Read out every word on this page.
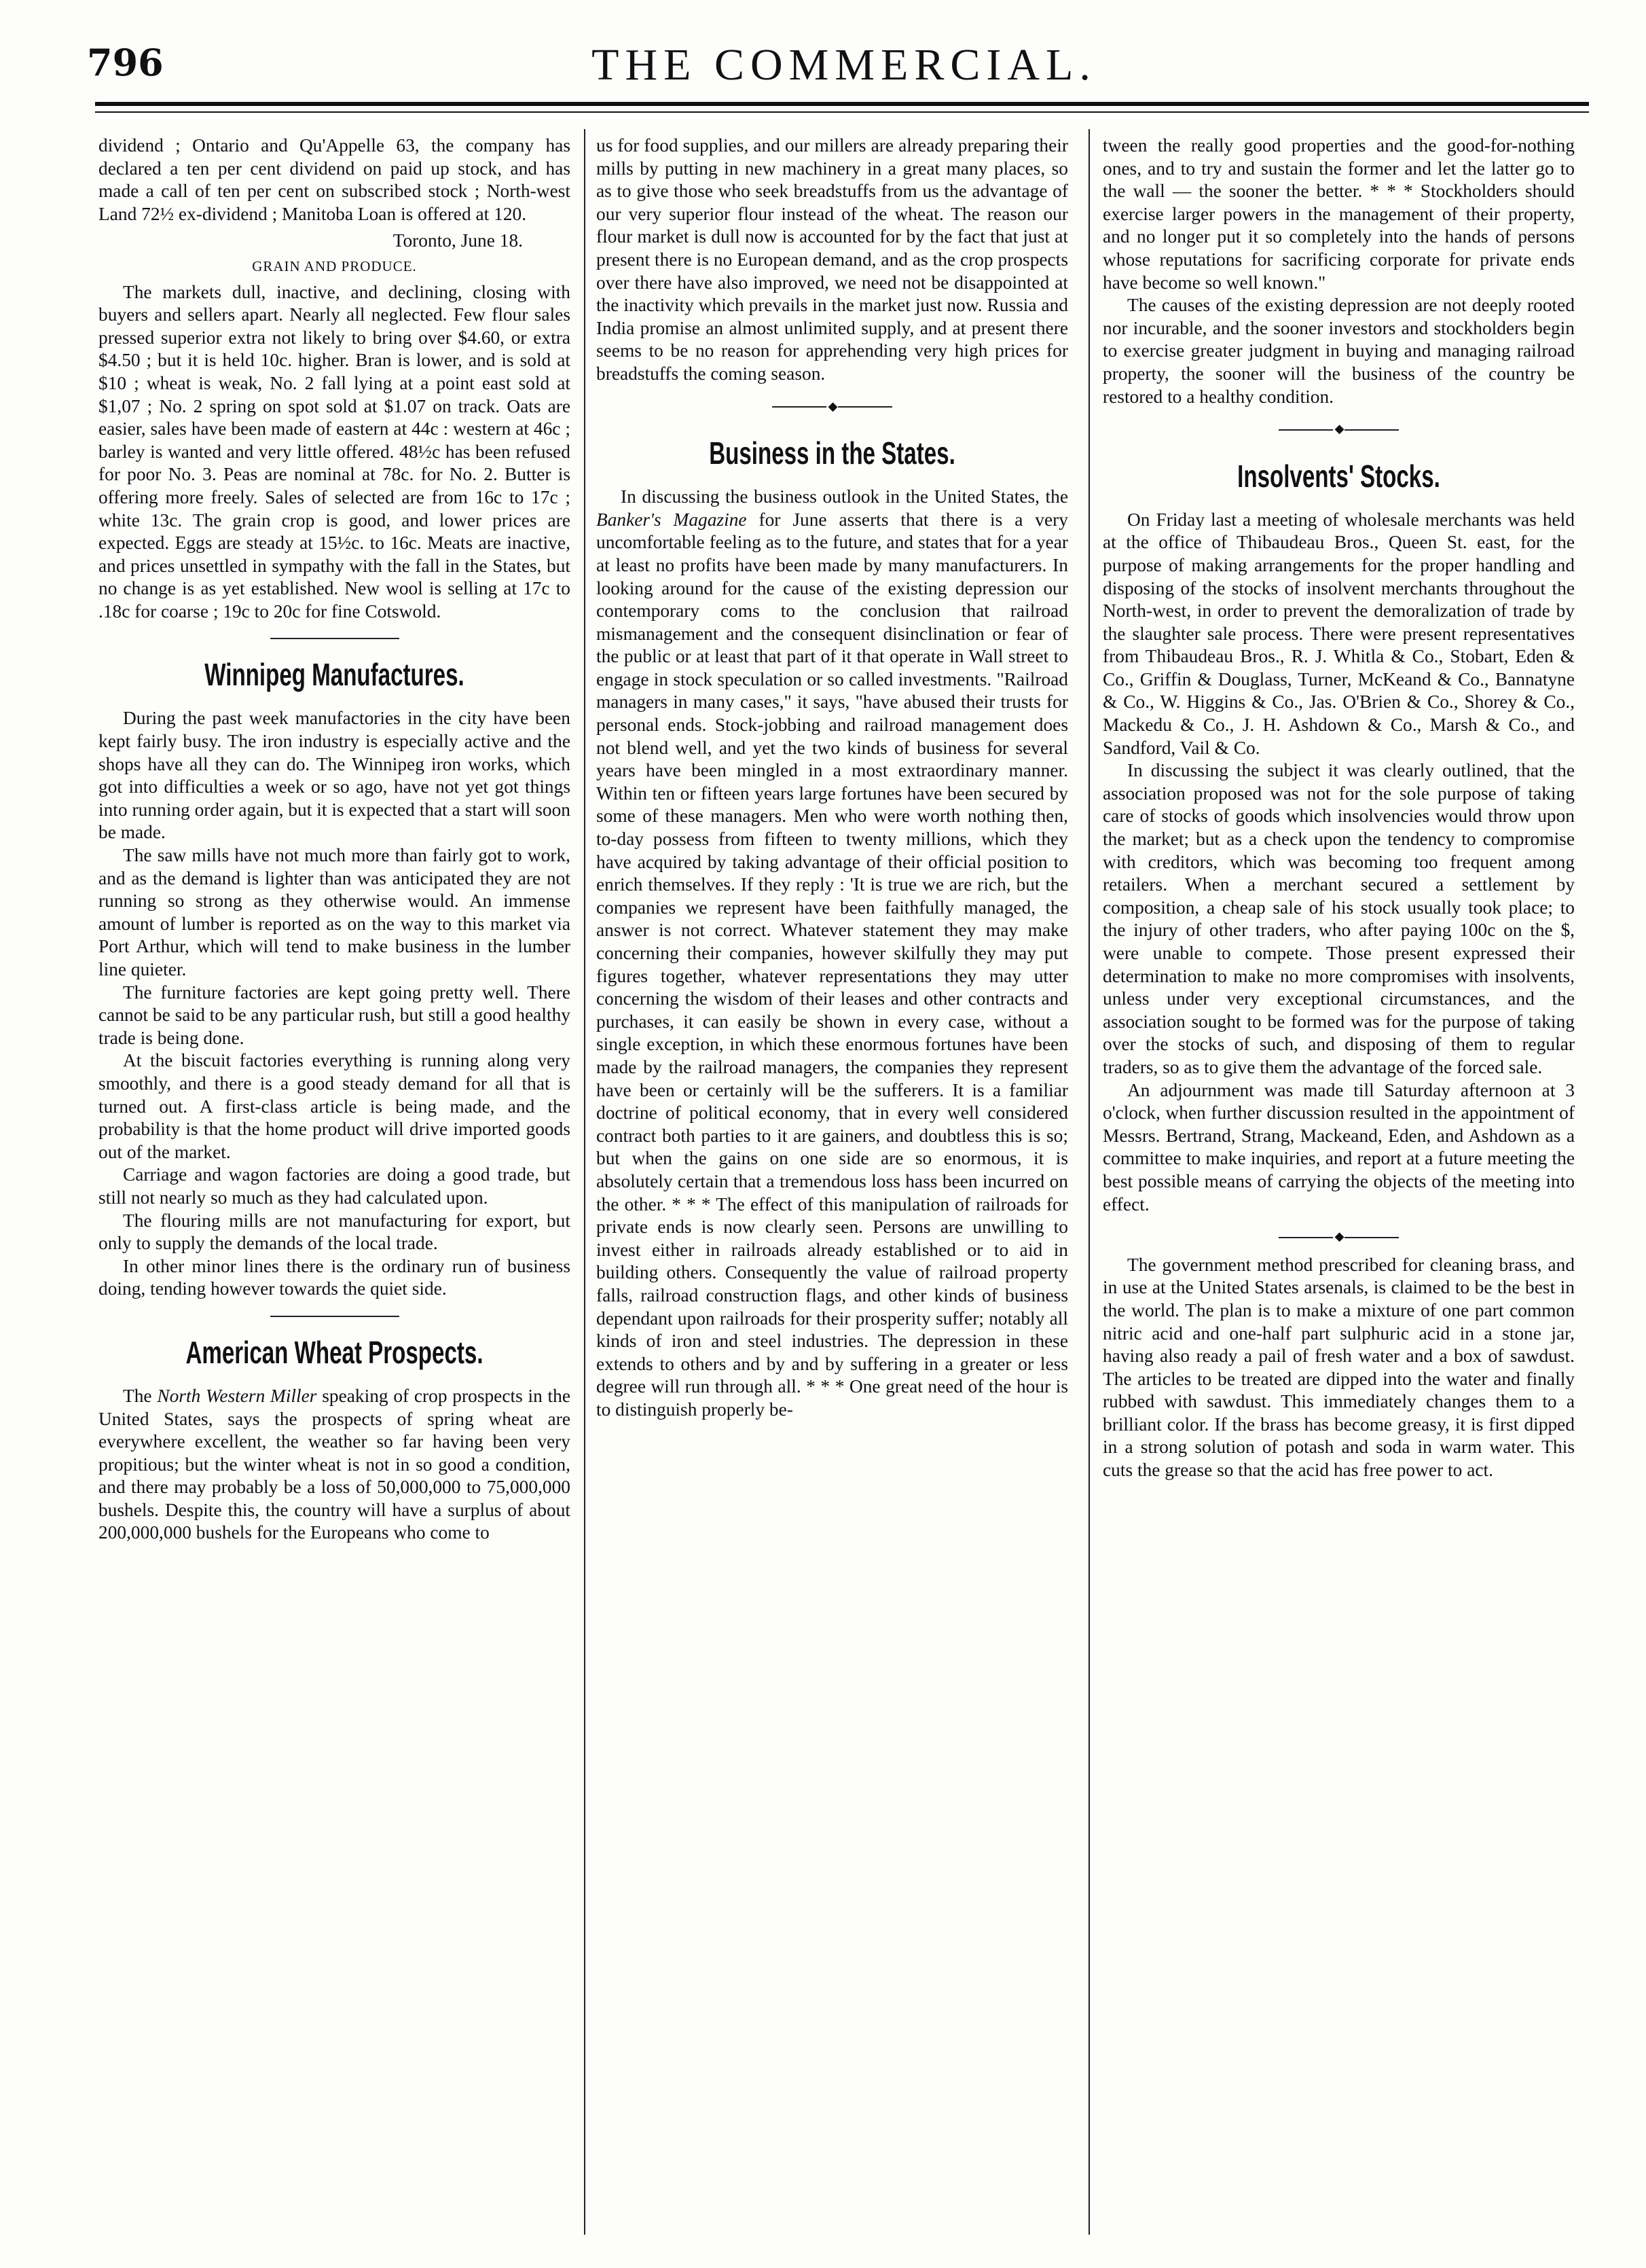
796	THE COMMERCIAL.

dividend ; Ontario and Qu'Appelle 63, the company has declared a ten per cent dividend on paid up stock, and has made a call of ten per cent on subscribed stock ; North-west Land 72½ ex-dividend ; Manitoba Loan is offered at 120.

Toronto, June 18.

GRAIN AND PRODUCE.

The markets dull, inactive, and declining, closing with buyers and sellers apart. Nearly all neglected. Few flour sales pressed superior extra not likely to bring over $4.60, or extra $4.50 ; but it is held 10c. higher. Bran is lower, and is sold at $10 ; wheat is weak, No. 2 fall lying at a point east sold at $1,07 ; No. 2 spring on spot sold at $1.07 on track. Oats are easier, sales have been made of eastern at 44c : western at 46c ; barley is wanted and very little offered. 48½c has been refused for poor No. 3. Peas are nominal at 78c. for No. 2. Butter is offering more freely. Sales of selected are from 16c to 17c ; white 13c. The grain crop is good, and lower prices are expected. Eggs are steady at 15½c. to 16c. Meats are inactive, and prices unsettled in sympathy with the fall in the States, but no change is as yet established. New wool is selling at 17c to .18c for coarse ; 19c to 20c for fine Cotswold.

Winnipeg Manufactures.

During the past week manufactories in the city have been kept fairly busy. The iron industry is especially active and the shops have all they can do. The Winnipeg iron works, which got into difficulties a week or so ago, have not yet got things into running order again, but it is expected that a start will soon be made.

The saw mills have not much more than fairly got to work, and as the demand is lighter than was anticipated they are not running so strong as they otherwise would. An immense amount of lumber is reported as on the way to this market via Port Arthur, which will tend to make business in the lumber line quieter.

The furniture factories are kept going pretty well. There cannot be said to be any particular rush, but still a good healthy trade is being done.

At the biscuit factories everything is running along very smoothly, and there is a good steady demand for all that is turned out. A first-class article is being made, and the probability is that the home product will drive imported goods out of the market.

Carriage and wagon factories are doing a good trade, but still not nearly so much as they had calculated upon.

The flouring mills are not manufacturing for export, but only to supply the demands of the local trade.

In other minor lines there is the ordinary run of business doing, tending however towards the quiet side.

American Wheat Prospects.

The North Western Miller speaking of crop prospects in the United States, says the prospects of spring wheat are everywhere excellent, the weather so far having been very propitious; but the winter wheat is not in so good a condition, and there may probably be a loss of 50,000,000 to 75,000,000 bushels. Despite this, the country will have a surplus of about 200,000,000 bushels for the Europeans who come to

us for food supplies, and our millers are already preparing their mills by putting in new machinery in a great many places, so as to give those who seek breadstuffs from us the advantage of our very superior flour instead of the wheat. The reason our flour market is dull now is accounted for by the fact that just at present there is no European demand, and as the crop prospects over there have also improved, we need not be disappointed at the inactivity which prevails in the market just now. Russia and India promise an almost unlimited supply, and at present there seems to be no reason for apprehending very high prices for breadstuffs the coming season.

◆
Business in the States.

In discussing the business outlook in the United States, the Banker's Magazine for June asserts that there is a very uncomfortable feeling as to the future, and states that for a year at least no profits have been made by many manufacturers. In looking around for the cause of the existing depression our contemporary coms to the conclusion that railroad mismanagement and the consequent disinclination or fear of the public or at least that part of it that operate in Wall street to engage in stock speculation or so called investments. "Railroad managers in many cases," it says, "have abused their trusts for personal ends. Stock-jobbing and railroad management does not blend well, and yet the two kinds of business for several years have been mingled in a most extraordinary manner. Within ten or fifteen years large fortunes have been secured by some of these managers. Men who were worth nothing then, to-day possess from fifteen to twenty millions, which they have acquired by taking advantage of their official position to enrich themselves. If they reply : 'It is true we are rich, but the companies we represent have been faithfully managed, the answer is not correct. Whatever statement they may make concerning their companies, however skilfully they may put figures together, whatever representations they may utter concerning the wisdom of their leases and other contracts and purchases, it can easily be shown in every case, without a single exception, in which these enormous fortunes have been made by the railroad managers, the companies they represent have been or certainly will be the sufferers. It is a familiar doctrine of political economy, that in every well considered contract both parties to it are gainers, and doubtless this is so; but when the gains on one side are so enormous, it is absolutely certain that a tremendous loss hass been incurred on the other. * * * The effect of this manipulation of railroads for private ends is now clearly seen. Persons are unwilling to invest either in railroads already established or to aid in building others. Consequently the value of railroad property falls, railroad construction flags, and other kinds of business dependant upon railroads for their prosperity suffer; notably all kinds of iron and steel industries. The depression in these extends to others and by and by suffering in a greater or less degree will run through all. * * * One great need of the hour is to distinguish properly be-

tween the really good properties and the good-for-nothing ones, and to try and sustain the former and let the latter go to the wall — the sooner the better. * * * Stockholders should exercise larger powers in the management of their property, and no longer put it so completely into the hands of persons whose reputations for sacrificing corporate for private ends have become so well known."

The causes of the existing depression are not deeply rooted nor incurable, and the sooner investors and stockholders begin to exercise greater judgment in buying and managing railroad property, the sooner will the business of the country be restored to a healthy condition.

◆
Insolvents' Stocks.

On Friday last a meeting of wholesale merchants was held at the office of Thibaudeau Bros., Queen St. east, for the purpose of making arrangements for the proper handling and disposing of the stocks of insolvent merchants throughout the North-west, in order to prevent the demoralization of trade by the slaughter sale process. There were present representatives from Thibaudeau Bros., R. J. Whitla & Co., Stobart, Eden & Co., Griffin & Douglass, Turner, McKeand & Co., Bannatyne & Co., W. Higgins & Co., Jas. O'Brien & Co., Shorey & Co., Mackedu & Co., J. H. Ashdown & Co., Marsh & Co., and Sandford, Vail & Co.

In discussing the subject it was clearly outlined, that the association proposed was not for the sole purpose of taking care of stocks of goods which insolvencies would throw upon the market; but as a check upon the tendency to compromise with creditors, which was becoming too frequent among retailers. When a merchant secured a settlement by composition, a cheap sale of his stock usually took place; to the injury of other traders, who after paying 100c on the $, were unable to compete. Those present expressed their determination to make no more compromises with insolvents, unless under very exceptional circumstances, and the association sought to be formed was for the purpose of taking over the stocks of such, and disposing of them to regular traders, so as to give them the advantage of the forced sale.

An adjournment was made till Saturday afternoon at 3 o'clock, when further discussion resulted in the appointment of Messrs. Bertrand, Strang, Mackeand, Eden, and Ashdown as a committee to make inquiries, and report at a future meeting the best possible means of carrying the objects of the meeting into effect.

◆

The government method prescribed for cleaning brass, and in use at the United States arsenals, is claimed to be the best in the world. The plan is to make a mixture of one part common nitric acid and one-half part sulphuric acid in a stone jar, having also ready a pail of fresh water and a box of sawdust. The articles to be treated are dipped into the water and finally rubbed with sawdust. This immediately changes them to a brilliant color. If the brass has become greasy, it is first dipped in a strong solution of potash and soda in warm water. This cuts the grease so that the acid has free power to act.
